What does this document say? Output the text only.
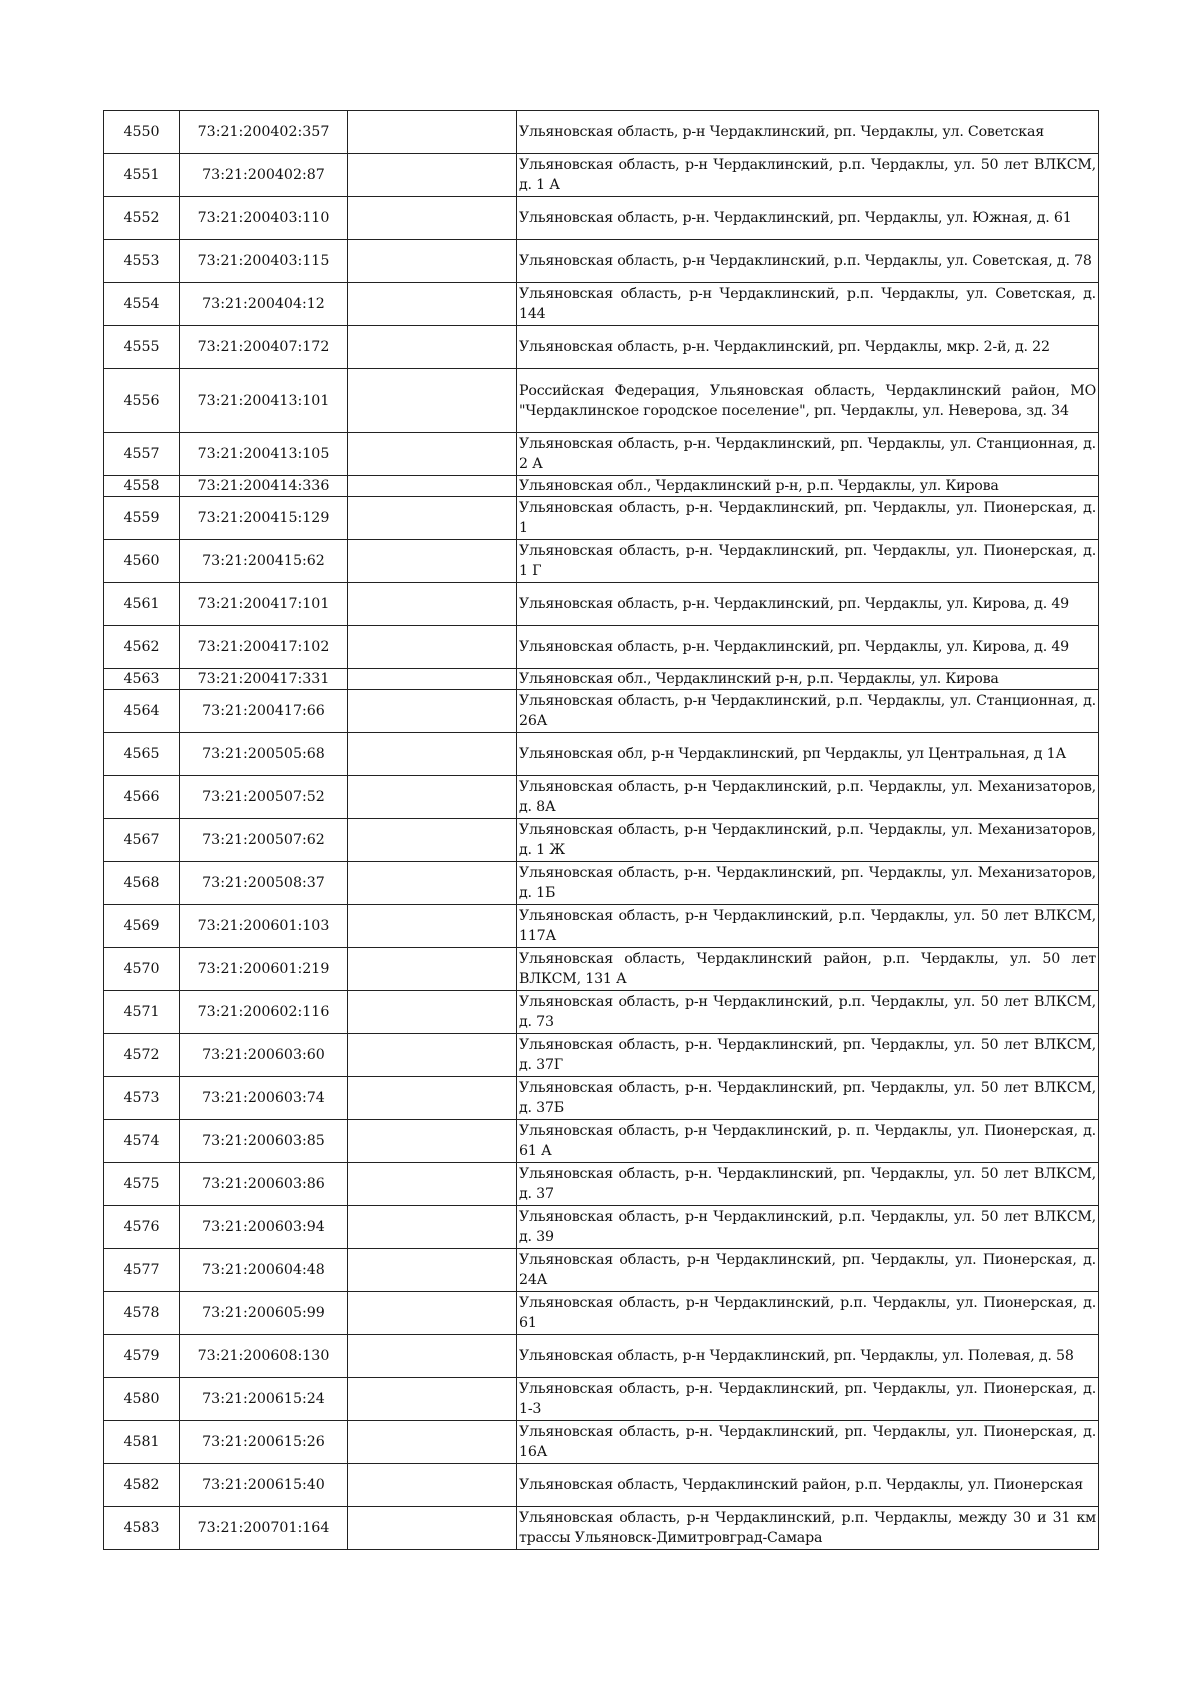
4550	73:21:200402:357		Ульяновская область, р-н Чердаклинский, рп. Чердаклы, ул. Советская
4551	73:21:200402:87		Ульяновская область, р-н Чердаклинский, р.п. Чердаклы, ул. 50 лет ВЛКСМ, д. 1 А
4552	73:21:200403:110		Ульяновская область, р-н. Чердаклинский, рп. Чердаклы, ул. Южная, д. 61
4553	73:21:200403:115		Ульяновская область, р-н Чердаклинский, р.п. Чердаклы, ул. Советская, д. 78
4554	73:21:200404:12		Ульяновская область, р-н Чердаклинский, р.п. Чердаклы, ул. Советская, д. 144
4555	73:21:200407:172		Ульяновская область, р-н. Чердаклинский, рп. Чердаклы, мкр. 2-й, д. 22
4556	73:21:200413:101		Российская Федерация, Ульяновская область, Чердаклинский район, МО "Чердаклинское городское поселение", рп. Чердаклы, ул. Неверова, зд. 34
4557	73:21:200413:105		Ульяновская область, р-н. Чердаклинский, рп. Чердаклы, ул. Станционная, д. 2 А
4558	73:21:200414:336		Ульяновская обл., Чердаклинский р-н, р.п. Чердаклы, ул. Кирова
4559	73:21:200415:129		Ульяновская область, р-н. Чердаклинский, рп. Чердаклы, ул. Пионерская, д. 1
4560	73:21:200415:62		Ульяновская область, р-н. Чердаклинский, рп. Чердаклы, ул. Пионерская, д. 1 Г
4561	73:21:200417:101		Ульяновская область, р-н. Чердаклинский, рп. Чердаклы, ул. Кирова, д. 49
4562	73:21:200417:102		Ульяновская область, р-н. Чердаклинский, рп. Чердаклы, ул. Кирова, д. 49
4563	73:21:200417:331		Ульяновская обл., Чердаклинский р-н, р.п. Чердаклы, ул. Кирова
4564	73:21:200417:66		Ульяновская область, р-н Чердаклинский, р.п. Чердаклы, ул. Станционная, д. 26А
4565	73:21:200505:68		Ульяновская обл, р-н Чердаклинский, рп Чердаклы, ул Центральная, д 1А
4566	73:21:200507:52		Ульяновская область, р-н Чердаклинский, р.п. Чердаклы, ул. Механизаторов, д. 8А
4567	73:21:200507:62		Ульяновская область, р-н Чердаклинский, р.п. Чердаклы, ул. Механизаторов, д. 1 Ж
4568	73:21:200508:37		Ульяновская область, р-н. Чердаклинский, рп. Чердаклы, ул. Механизаторов, д. 1Б
4569	73:21:200601:103		Ульяновская область, р-н Чердаклинский, р.п. Чердаклы, ул. 50 лет ВЛКСМ, 117А
4570	73:21:200601:219		Ульяновская область, Чердаклинский район, р.п. Чердаклы, ул. 50 лет ВЛКСМ, 131 А
4571	73:21:200602:116		Ульяновская область, р-н Чердаклинский, р.п. Чердаклы, ул. 50 лет ВЛКСМ, д. 73
4572	73:21:200603:60		Ульяновская область, р-н. Чердаклинский, рп. Чердаклы, ул. 50 лет ВЛКСМ, д. 37Г
4573	73:21:200603:74		Ульяновская область, р-н. Чердаклинский, рп. Чердаклы, ул. 50 лет ВЛКСМ, д. 37Б
4574	73:21:200603:85		Ульяновская область, р-н Чердаклинский, р. п. Чердаклы, ул. Пионерская, д. 61 А
4575	73:21:200603:86		Ульяновская область, р-н. Чердаклинский, рп. Чердаклы, ул. 50 лет ВЛКСМ, д. 37
4576	73:21:200603:94		Ульяновская область, р-н Чердаклинский, р.п. Чердаклы, ул. 50 лет ВЛКСМ, д. 39
4577	73:21:200604:48		Ульяновская область, р-н Чердаклинский, рп. Чердаклы, ул. Пионерская, д. 24А
4578	73:21:200605:99		Ульяновская область, р-н Чердаклинский, р.п. Чердаклы, ул. Пионерская, д. 61
4579	73:21:200608:130		Ульяновская область, р-н Чердаклинский, рп. Чердаклы, ул. Полевая, д. 58
4580	73:21:200615:24		Ульяновская область, р-н. Чердаклинский, рп. Чердаклы, ул. Пионерская, д. 1-3
4581	73:21:200615:26		Ульяновская область, р-н. Чердаклинский, рп. Чердаклы, ул. Пионерская, д. 16А
4582	73:21:200615:40		Ульяновская область, Чердаклинский район, р.п. Чердаклы, ул. Пионерская
4583	73:21:200701:164		Ульяновская область, р-н Чердаклинский, р.п. Чердаклы, между 30 и 31 км трассы Ульяновск-Димитровград-Самара
